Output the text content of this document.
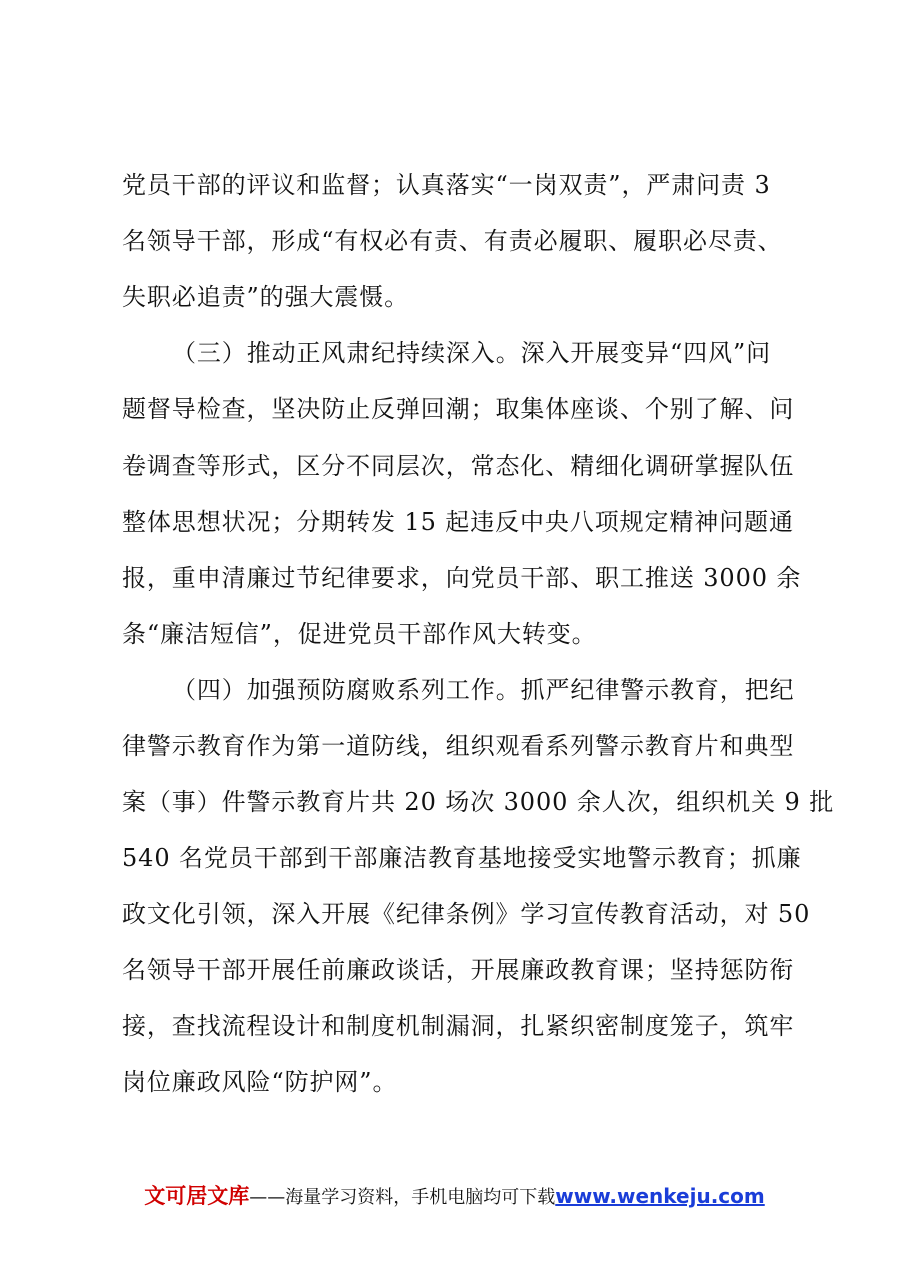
党员干部的评议和监督；认真落实“一岗双责”，严肃问责 3
名领导干部，形成“有权必有责、有责必履职、履职必尽责、
失职必追责”的强大震慑。
（三）推动正风肃纪持续深入。深入开展变异“四风”问
题督导检查，坚决防止反弹回潮；取集体座谈、个别了解、问
卷调查等形式，区分不同层次，常态化、精细化调研掌握队伍
整体思想状况；分期转发 15 起违反中央八项规定精神问题通
报，重申清廉过节纪律要求，向党员干部、职工推送 3000 余
条“廉洁短信”，促进党员干部作风大转变。
（四）加强预防腐败系列工作。抓严纪律警示教育，把纪
律警示教育作为第一道防线，组织观看系列警示教育片和典型
案（事）件警示教育片共 20 场次 3000 余人次，组织机关 9 批
540 名党员干部到干部廉洁教育基地接受实地警示教育；抓廉
政文化引领，深入开展《纪律条例》学习宣传教育活动，对 50
名领导干部开展任前廉政谈话，开展廉政教育课；坚持惩防衔
接，查找流程设计和制度机制漏洞，扎紧织密制度笼子，筑牢
岗位廉政风险“防护网”。
文可居文库——海量学习资料，手机电脑均可下载www.wenkeju.com
